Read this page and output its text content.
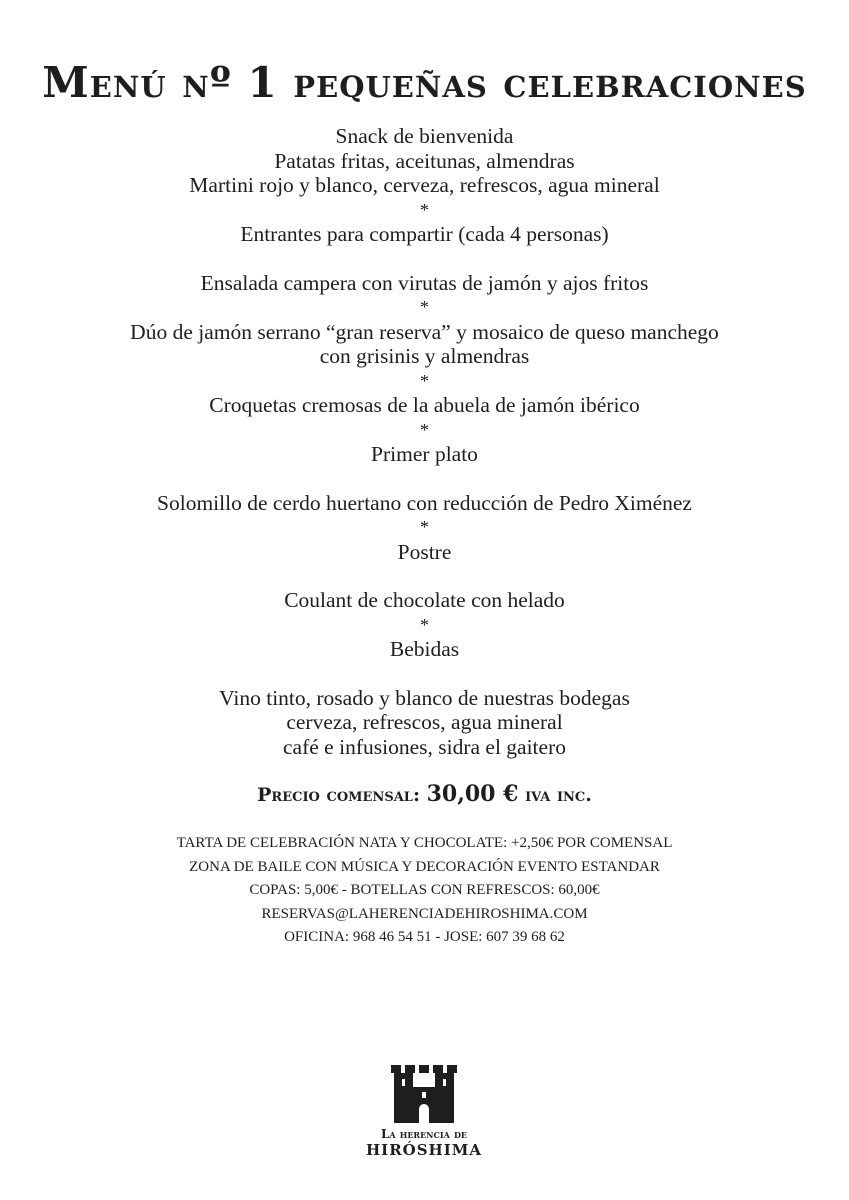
Menú nº 1 pequeñas celebraciones
Snack de bienvenida
Patatas fritas, aceitunas, almendras
Martini rojo y blanco, cerveza, refrescos, agua mineral
*
Entrantes para compartir (cada 4 personas)
Ensalada campera con virutas de jamón y ajos fritos
*
Dúo de jamón serrano “gran reserva” y mosaico de queso manchego
con grisinis y almendras
*
Croquetas cremosas de la abuela de jamón ibérico
*
Primer plato
Solomillo de cerdo huertano con reducción de Pedro Ximénez
*
Postre
Coulant de chocolate con helado
*
Bebidas
Vino tinto, rosado y blanco de nuestras bodegas
cerveza, refrescos, agua mineral
café e infusiones, sidra el gaitero
Precio comensal: 30,00 € iva inc.
TARTA DE CELEBRACIÓN NATA Y CHOCOLATE: +2,50€ POR COMENSAL
ZONA DE BAILE CON MÚSICA Y DECORACIÓN EVENTO ESTANDAR
COPAS: 5,00€ - BOTELLAS CON REFRESCOS: 60,00€
RESERVAS@LAHERENCIADEHIROSHIMA.COM
OFICINA: 968 46 54 51 - JOSE: 607 39 68 62
La herencia de
HIRÓSHIMA
